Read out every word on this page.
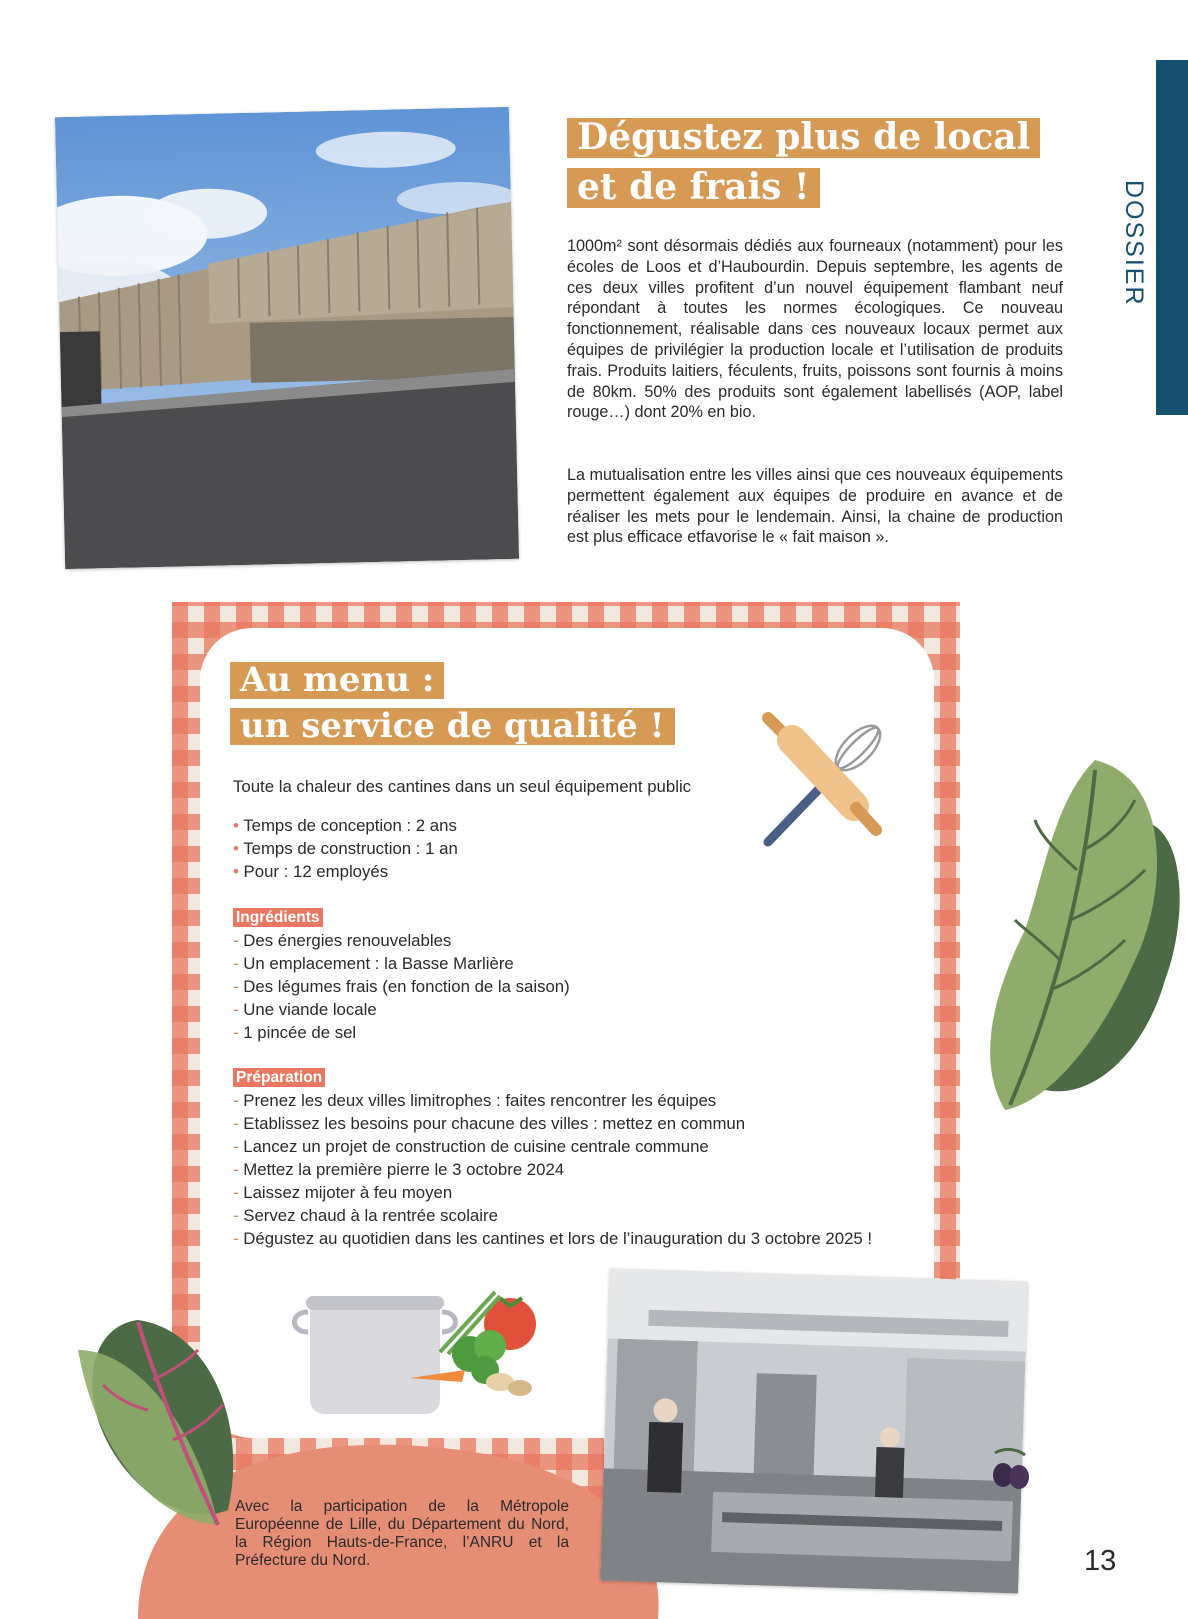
DOSSIER
Dégustez plus de local
et de frais !
1000m² sont désormais dédiés aux fourneaux (notamment) pour les écoles de Loos et d’Haubourdin. Depuis septembre, les agents de ces deux villes profitent d’un nouvel équipement flambant neuf répondant à toutes les normes écologiques. Ce nouveau fonctionnement, réalisable dans ces nouveaux locaux permet aux équipes de privilégier la production locale et l’utilisation de produits frais. Produits laitiers, féculents, fruits, poissons sont fournis à moins de 80km. 50% des produits sont également labellisés (AOP, label rouge…) dont 20% en bio.
La mutualisation entre les villes ainsi que ces nouveaux équipements permettent également aux équipes de produire en avance et de réaliser les mets pour le lendemain. Ainsi, la chaine de production est plus efficace etfavorise le « fait maison ».
Au menu :
un service de qualité !
Toute la chaleur des cantines dans un seul équipement public
• Temps de conception : 2 ans
• Temps de construction : 1 an
• Pour : 12 employés
Ingrédients
- Des énergies renouvelables
- Un emplacement : la Basse Marlière
- Des légumes frais (en fonction de la saison)
- Une viande locale
- 1 pincée de sel
Préparation
- Prenez les deux villes limitrophes : faites rencontrer les équipes
- Etablissez les besoins pour chacune des villes : mettez en commun
- Lancez un projet de construction de cuisine centrale commune
- Mettez la première pierre le 3 octobre 2024
- Laissez mijoter à feu moyen
- Servez chaud à la rentrée scolaire
- Dégustez au quotidien dans les cantines et lors de l’inauguration du 3 octobre 2025 !
Avec la participation de la Métropole Européenne de Lille, du Département du Nord, la Région Hauts-de-France, l’ANRU et la Préfecture du Nord.	13
